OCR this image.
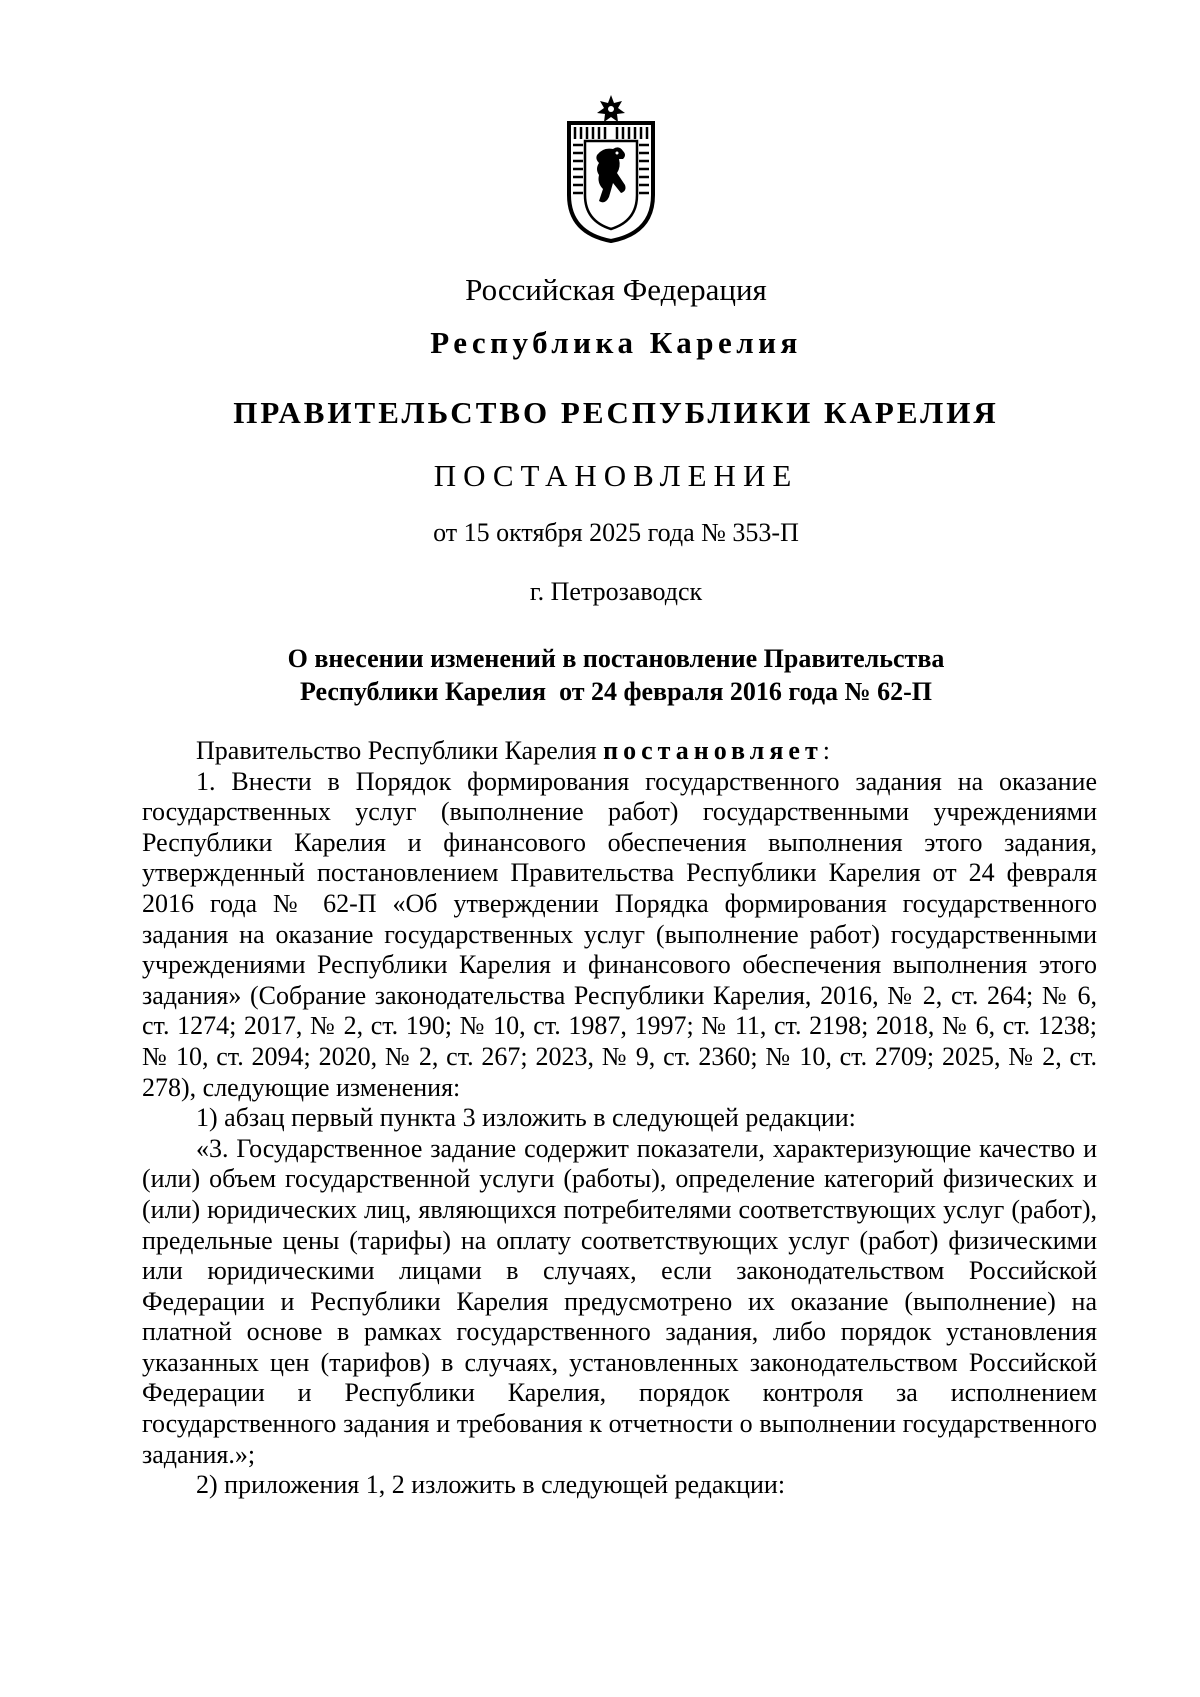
Российская Федерация
Республика Карелия
ПРАВИТЕЛЬСТВО РЕСПУБЛИКИ КАРЕЛИЯ
ПОСТАНОВЛЕНИЕ
от 15 октября 2025 года № 353-П
г. Петрозаводск
О внесении изменений в постановление Правительства
Республики Карелия  от 24 февраля 2016 года № 62-П

Правительство Республики Карелия постановляет:

1. Внести в Порядок формирования государственного задания на оказание государственных услуг (выполнение работ) государственными учреждениями Республики Карелия и финансового обеспечения выполнения этого задания, утвержденный постановлением Правительства Республики Карелия от 24 февраля 2016 года № 62-П «Об утверждении Порядка формирования государственного задания на оказание государственных услуг (выполнение работ) государственными учреждениями Республики Карелия и финансового обеспечения выполнения этого задания» (Собрание законодательства Республики Карелия, 2016, № 2, ст. 264; № 6, ст. 1274; 2017, № 2, ст. 190; № 10, ст. 1987, 1997; № 11, ст. 2198; 2018, № 6, ст. 1238; № 10, ст. 2094; 2020, № 2, ст. 267; 2023, № 9, ст. 2360; № 10, ст. 2709; 2025, № 2, ст. 278), следующие изменения:

1) абзац первый пункта 3 изложить в следующей редакции:

«3. Государственное задание содержит показатели, характеризующие качество и (или) объем государственной услуги (работы), определение категорий физических и (или) юридических лиц, являющихся потребителями соответствующих услуг (работ), предельные цены (тарифы) на оплату соответствующих услуг (работ) физическими или юридическими лицами в случаях, если законодательством Российской Федерации и Республики Карелия предусмотрено их оказание (выполнение) на платной основе в рамках государственного задания, либо порядок установления указанных цен (тарифов) в случаях, установленных законодательством Российской Федерации и Республики Карелия, порядок контроля за исполнением государственного задания и требования к отчетности о выполнении государственного задания.»;

2) приложения 1, 2 изложить в следующей редакции:
